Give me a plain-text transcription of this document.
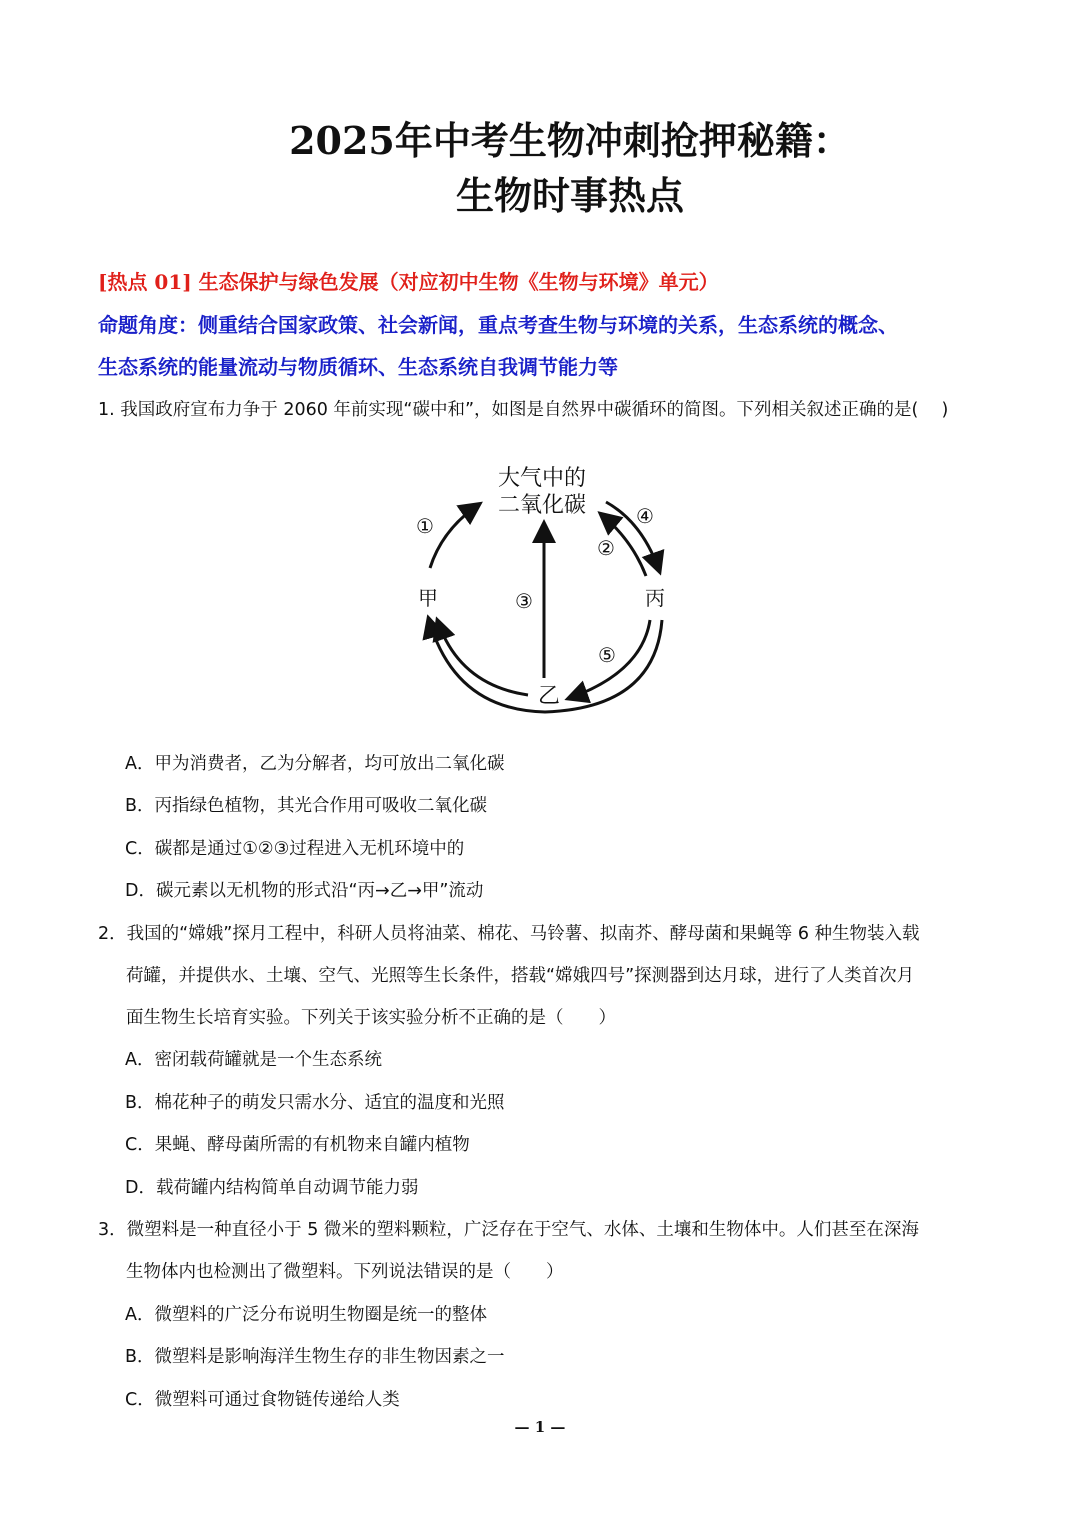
2025年中考生物冲刺抢押秘籍：
生物时事热点
[热点 01] 生态保护与绿色发展（对应初中生物《生物与环境》单元）
命题角度：侧重结合国家政策、社会新闻，重点考查生物与环境的关系，生态系统的概念、
生态系统的能量流动与物质循环、生态系统自我调节能力等
1. 我国政府宣布力争于 2060 年前实现“碳中和”，如图是自然界中碳循环的简图。下列相关叙述正确的是(　 )
大气中的
二氧化碳
甲
乙
丙
①
②
③
④
⑤
A．甲为消费者，乙为分解者，均可放出二氧化碳
B．丙指绿色植物，其光合作用可吸收二氧化碳
C．碳都是通过①②③过程进入无机环境中的
D．碳元素以无机物的形式沿“丙→乙→甲”流动
2．我国的“嫦娥”探月工程中，科研人员将油菜、棉花、马铃薯、拟南芥、酵母菌和果蝇等 6 种生物装入载
荷罐，并提供水、土壤、空气、光照等生长条件，搭载“嫦娥四号”探测器到达月球，进行了人类首次月
面生物生长培育实验。下列关于该实验分析不正确的是（　　）
A．密闭载荷罐就是一个生态系统
B．棉花种子的萌发只需水分、适宜的温度和光照
C．果蝇、酵母菌所需的有机物来自罐内植物
D．载荷罐内结构简单自动调节能力弱
3．微塑料是一种直径小于 5 微米的塑料颗粒，广泛存在于空气、水体、土壤和生物体中。人们甚至在深海
生物体内也检测出了微塑料。下列说法错误的是（　　）
A．微塑料的广泛分布说明生物圈是统一的整体
B．微塑料是影响海洋生物生存的非生物因素之一
C．微塑料可通过食物链传递给人类
— 1 —
